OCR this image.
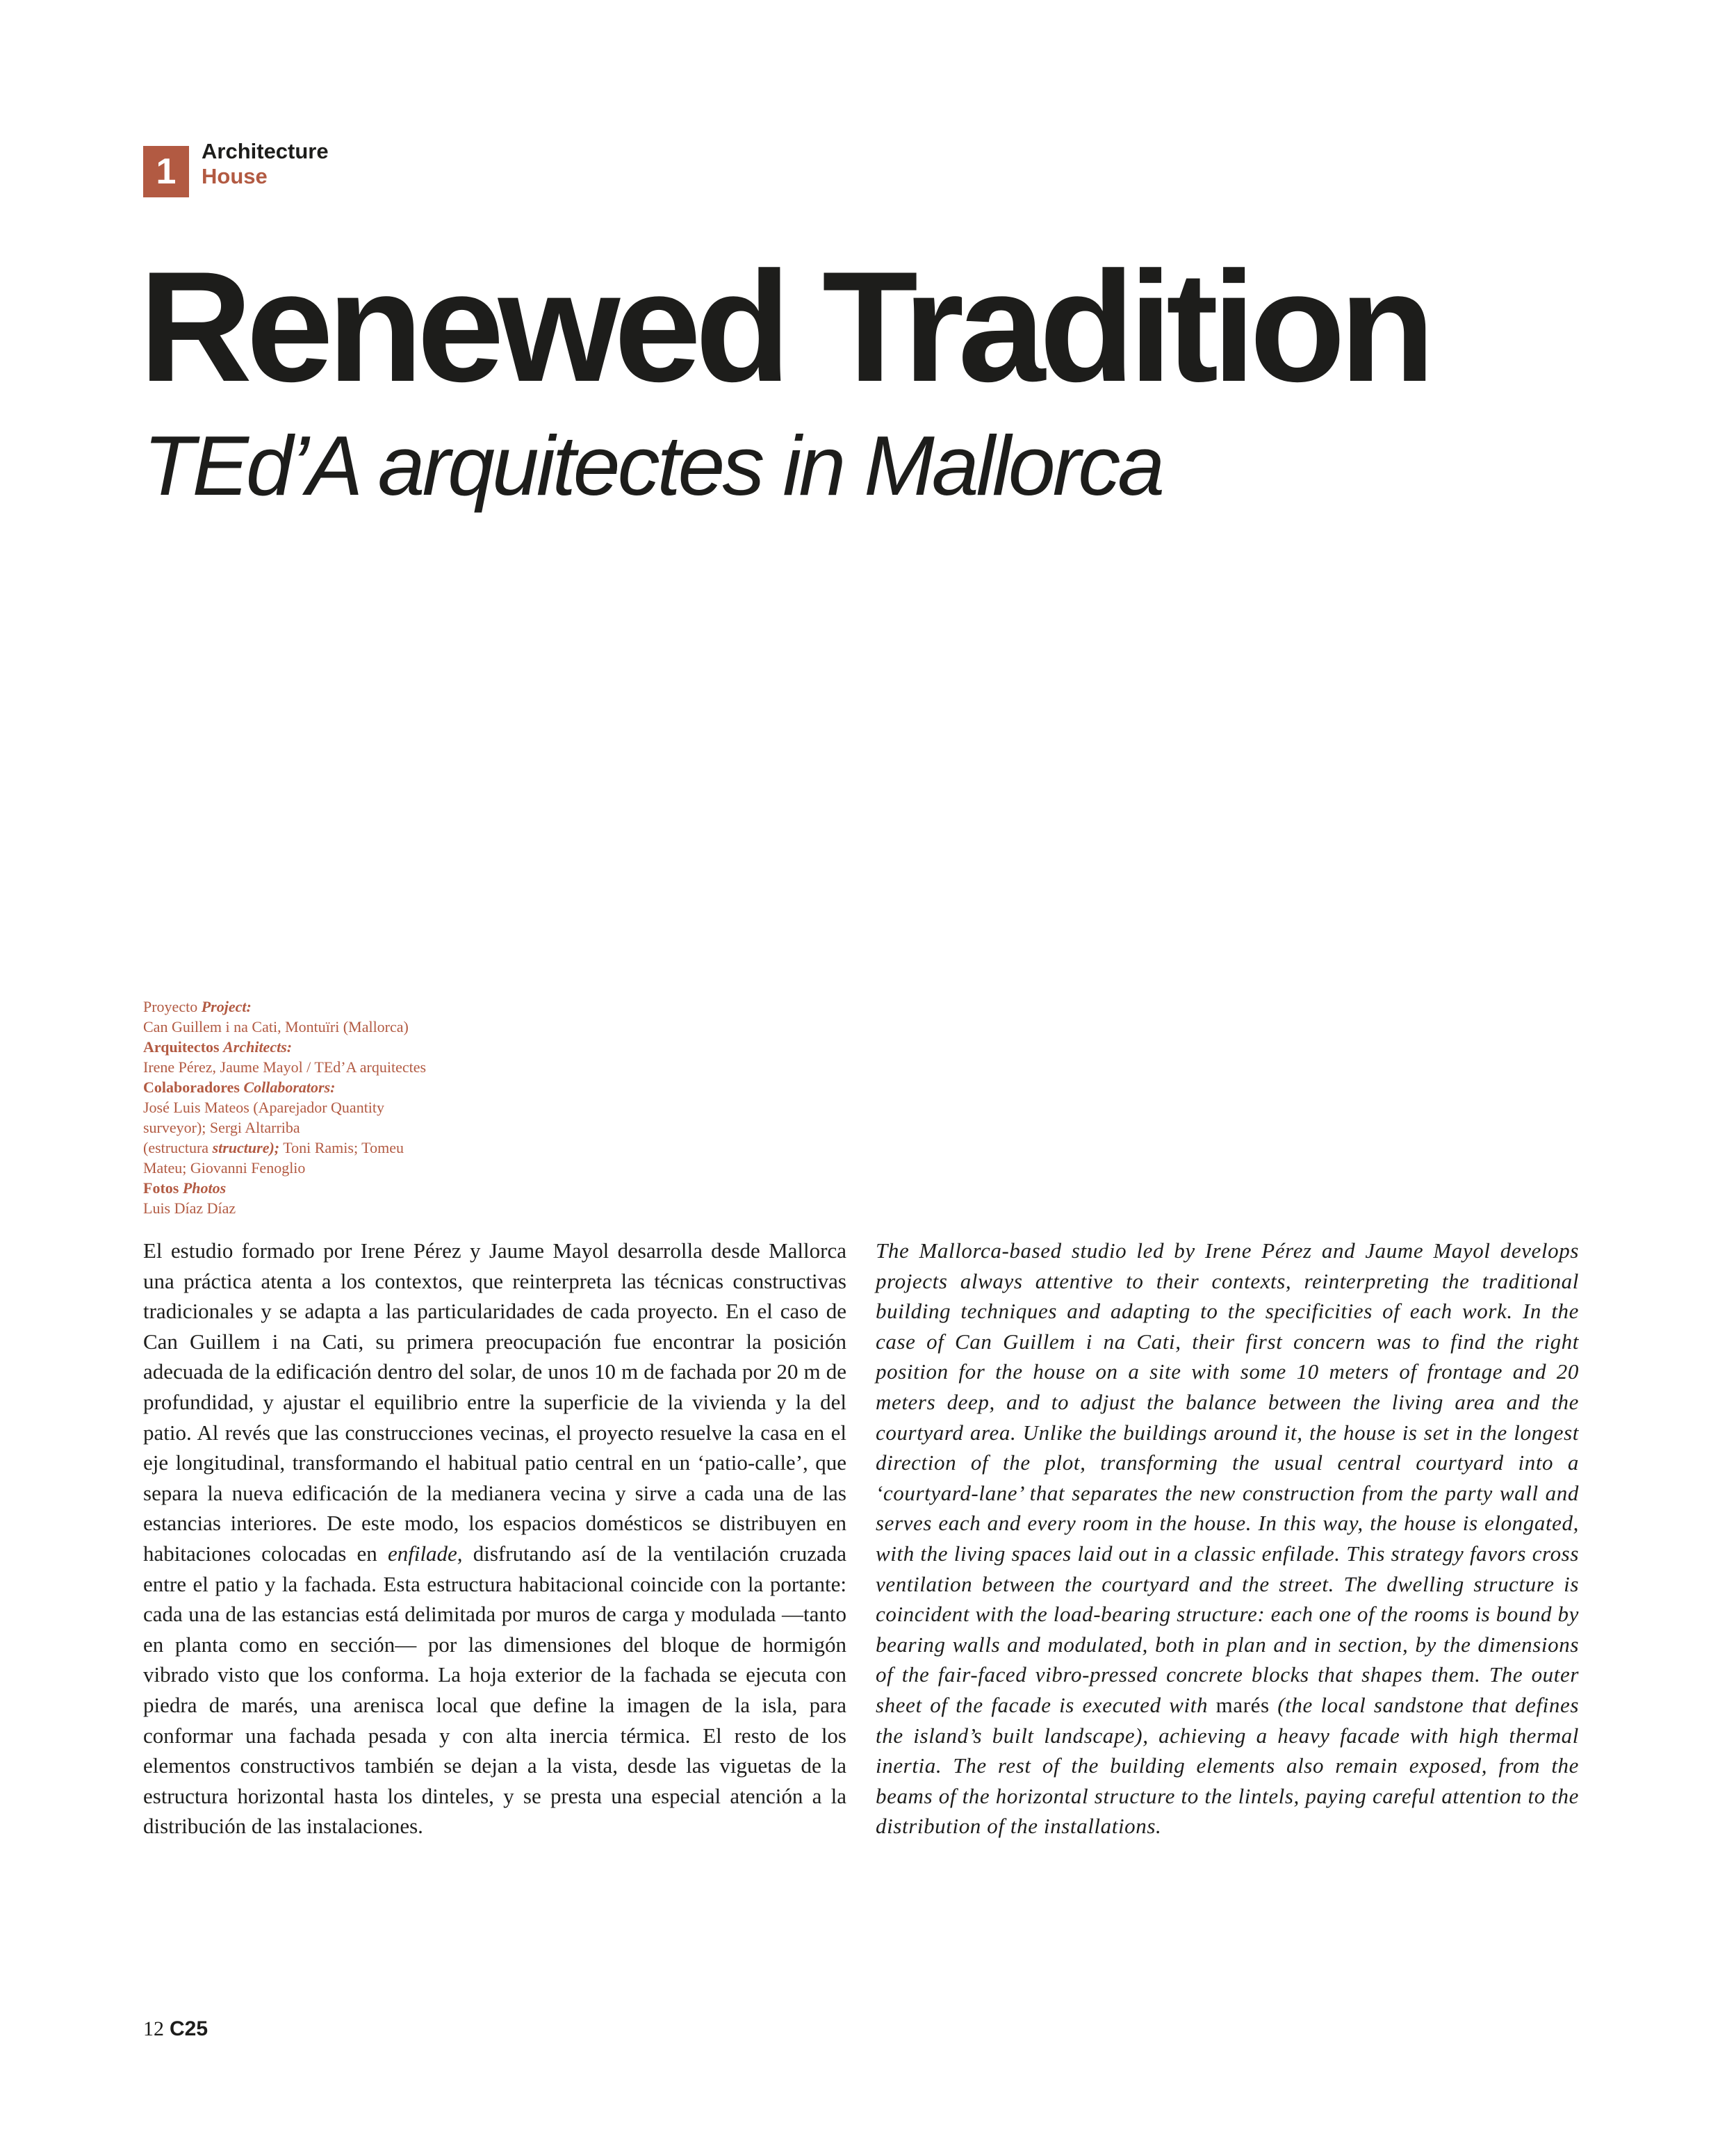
1
Architecture
House
Renewed Tradition
TEd’A arquitectes in Mallorca
Proyecto Project:
Can Guillem i na Cati, Montuïri (Mallorca)
Arquitectos Architects:
Irene Pérez, Jaume Mayol / TEd’A arquitectes
Colaboradores Collaborators:
José Luis Mateos (Aparejador Quantity
surveyor); Sergi Altarriba
(estructura structure); Toni Ramis; Tomeu
Mateu; Giovanni Fenoglio
Fotos Photos
Luis Díaz Díaz

El estudio formado por Irene Pérez y Jaume Mayol desarrolla desde Mallorca una práctica atenta a los contextos, que reinterpreta las técnicas constructivas tradicionales y se adapta a las particularidades de cada proyecto. En el caso de Can Guillem i na Cati, su primera preocupación fue encontrar la posición adecuada de la edificación dentro del solar, de unos 10 m de fachada por 20 m de profundidad, y ajustar el equilibrio entre la superficie de la vivienda y la del patio. Al revés que las construcciones vecinas, el proyecto resuelve la casa en el eje longitudinal, transformando el habitual patio central en un ‘patio-calle’, que separa la nueva edificación de la medianera vecina y sirve a cada una de las estancias interiores. De este modo, los espacios domésticos se distribuyen en habitaciones colocadas en enfilade, disfrutando así de la ventilación cruzada entre el patio y la fachada. Esta estructura habitacional coincide con la portante: cada una de las estancias está delimitada por muros de carga y modulada —tanto en planta como en sección— por las dimensiones del bloque de hormigón vibrado visto que los conforma. La hoja exterior de la fachada se ejecuta con piedra de marés, una arenisca local que define la imagen de la isla, para conformar una fachada pesada y con alta inercia térmica. El resto de los elementos constructivos también se dejan a la vista, desde las viguetas de la estructura horizontal hasta los dinteles, y se presta una especial atención a la distribución de las instalaciones.

The Mallorca-based studio led by Irene Pérez and Jaume Mayol develops projects always attentive to their contexts, reinterpreting the traditional building techniques and adapting to the specificities of each work. In the case of Can Guillem i na Cati, their first concern was to find the right position for the house on a site with some 10 meters of frontage and 20 meters deep, and to adjust the balance between the living area and the courtyard area. Unlike the buildings around it, the house is set in the longest direction of the plot, transforming the usual central courtyard into a ‘courtyard-lane’ that separates the new construction from the party wall and serves each and every room in the house. In this way, the house is elongated, with the living spaces laid out in a classic enfilade. This strategy favors cross ventilation between the courtyard and the street. The dwelling structure is coincident with the load-bearing structure: each one of the rooms is bound by bearing walls and modulated, both in plan and in section, by the dimensions of the fair-faced vibro-pressed concrete blocks that shapes them. The outer sheet of the facade is executed with marés (the local sandstone that defines the island’s built landscape), achieving a heavy facade with high thermal inertia. The rest of the building elements also remain exposed, from the beams of the horizontal structure to the lintels, paying careful attention to the distribution of the installations.

12 C25
